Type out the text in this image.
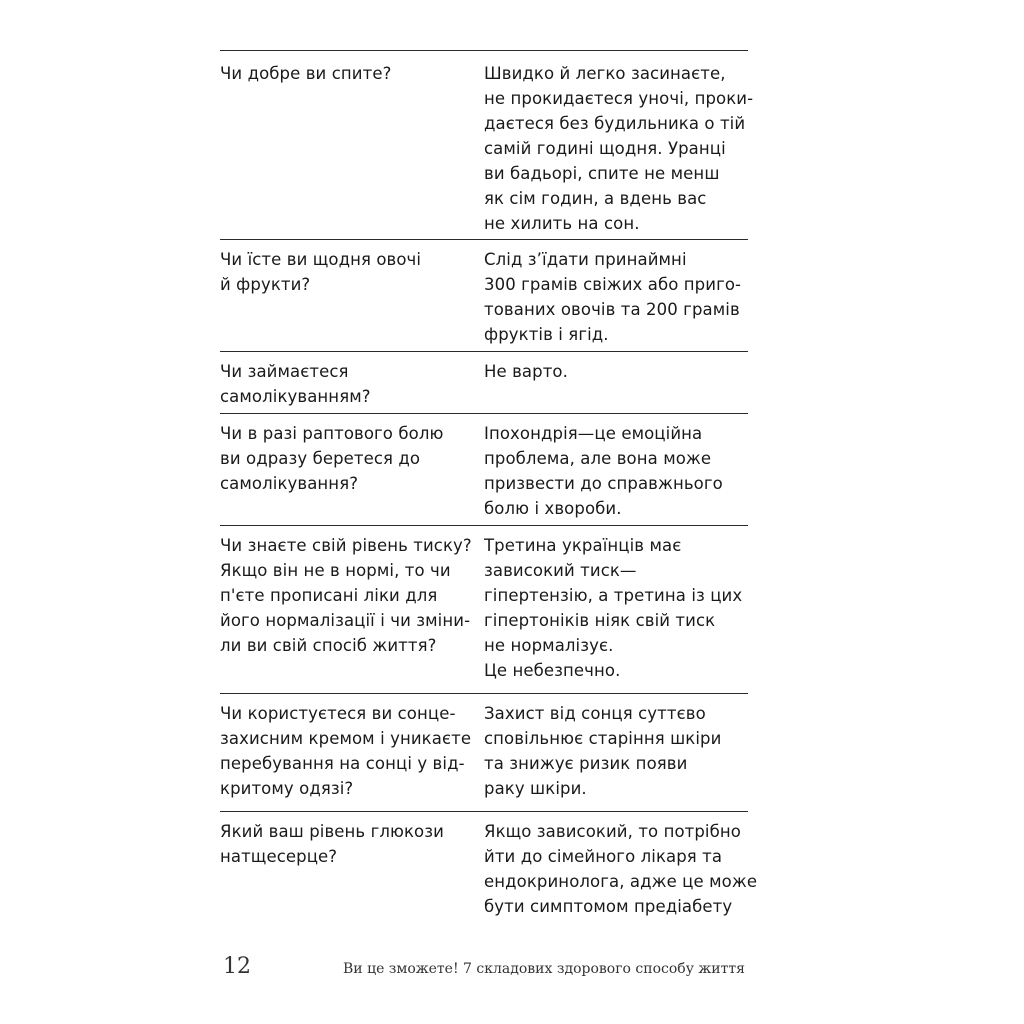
Чи добре ви спите?	Швидко й легко засинаєте,
не прокидаєтеся уночі, проки-
даєтеся без будильника о тій
самій годині щодня. Уранці
ви бадьорі, спите не менш
як сім годин, а вдень вас
не хилить на сон.
Чи їсте ви щодня овочі
й фрукти?
Слід з’їдати принаймні
300 грамів свіжих або приго-
тованих овочів та 200 грамів
фруктів і ягід.
Чи займаєтеся
самолікуванням?
Не варто.
Чи в разі раптового болю
ви одразу беретеся до
самолікування?
Іпохондрія—це емоційна
проблема, але вона може
призвести до справжнього
болю і хвороби.
Чи знаєте свій рівень тиску?
Якщо він не в нормі, то чи
п'єте прописані ліки для
його нормалізації і чи зміни-
ли ви свій спосіб життя?
Третина українців має
зависокий тиск—
гіпертензію, а третина із цих
гіпертоніків ніяк свій тиск
не нормалізує.
Це небезпечно.
Чи користуєтеся ви сонце-
захисним кремом і уникаєте
перебування на сонці у від-
критому одязі?
Захист від сонця суттєво
сповільнює старіння шкіри
та знижує ризик появи
раку шкіри.
Який ваш рівень глюкози
натщесерце?
Якщо зависокий, то потрібно
йти до сімейного лікаря та
ендокринолога, адже це може
бути симптомом предіабету
12	Ви це зможете! 7 складових здорового способу життя
